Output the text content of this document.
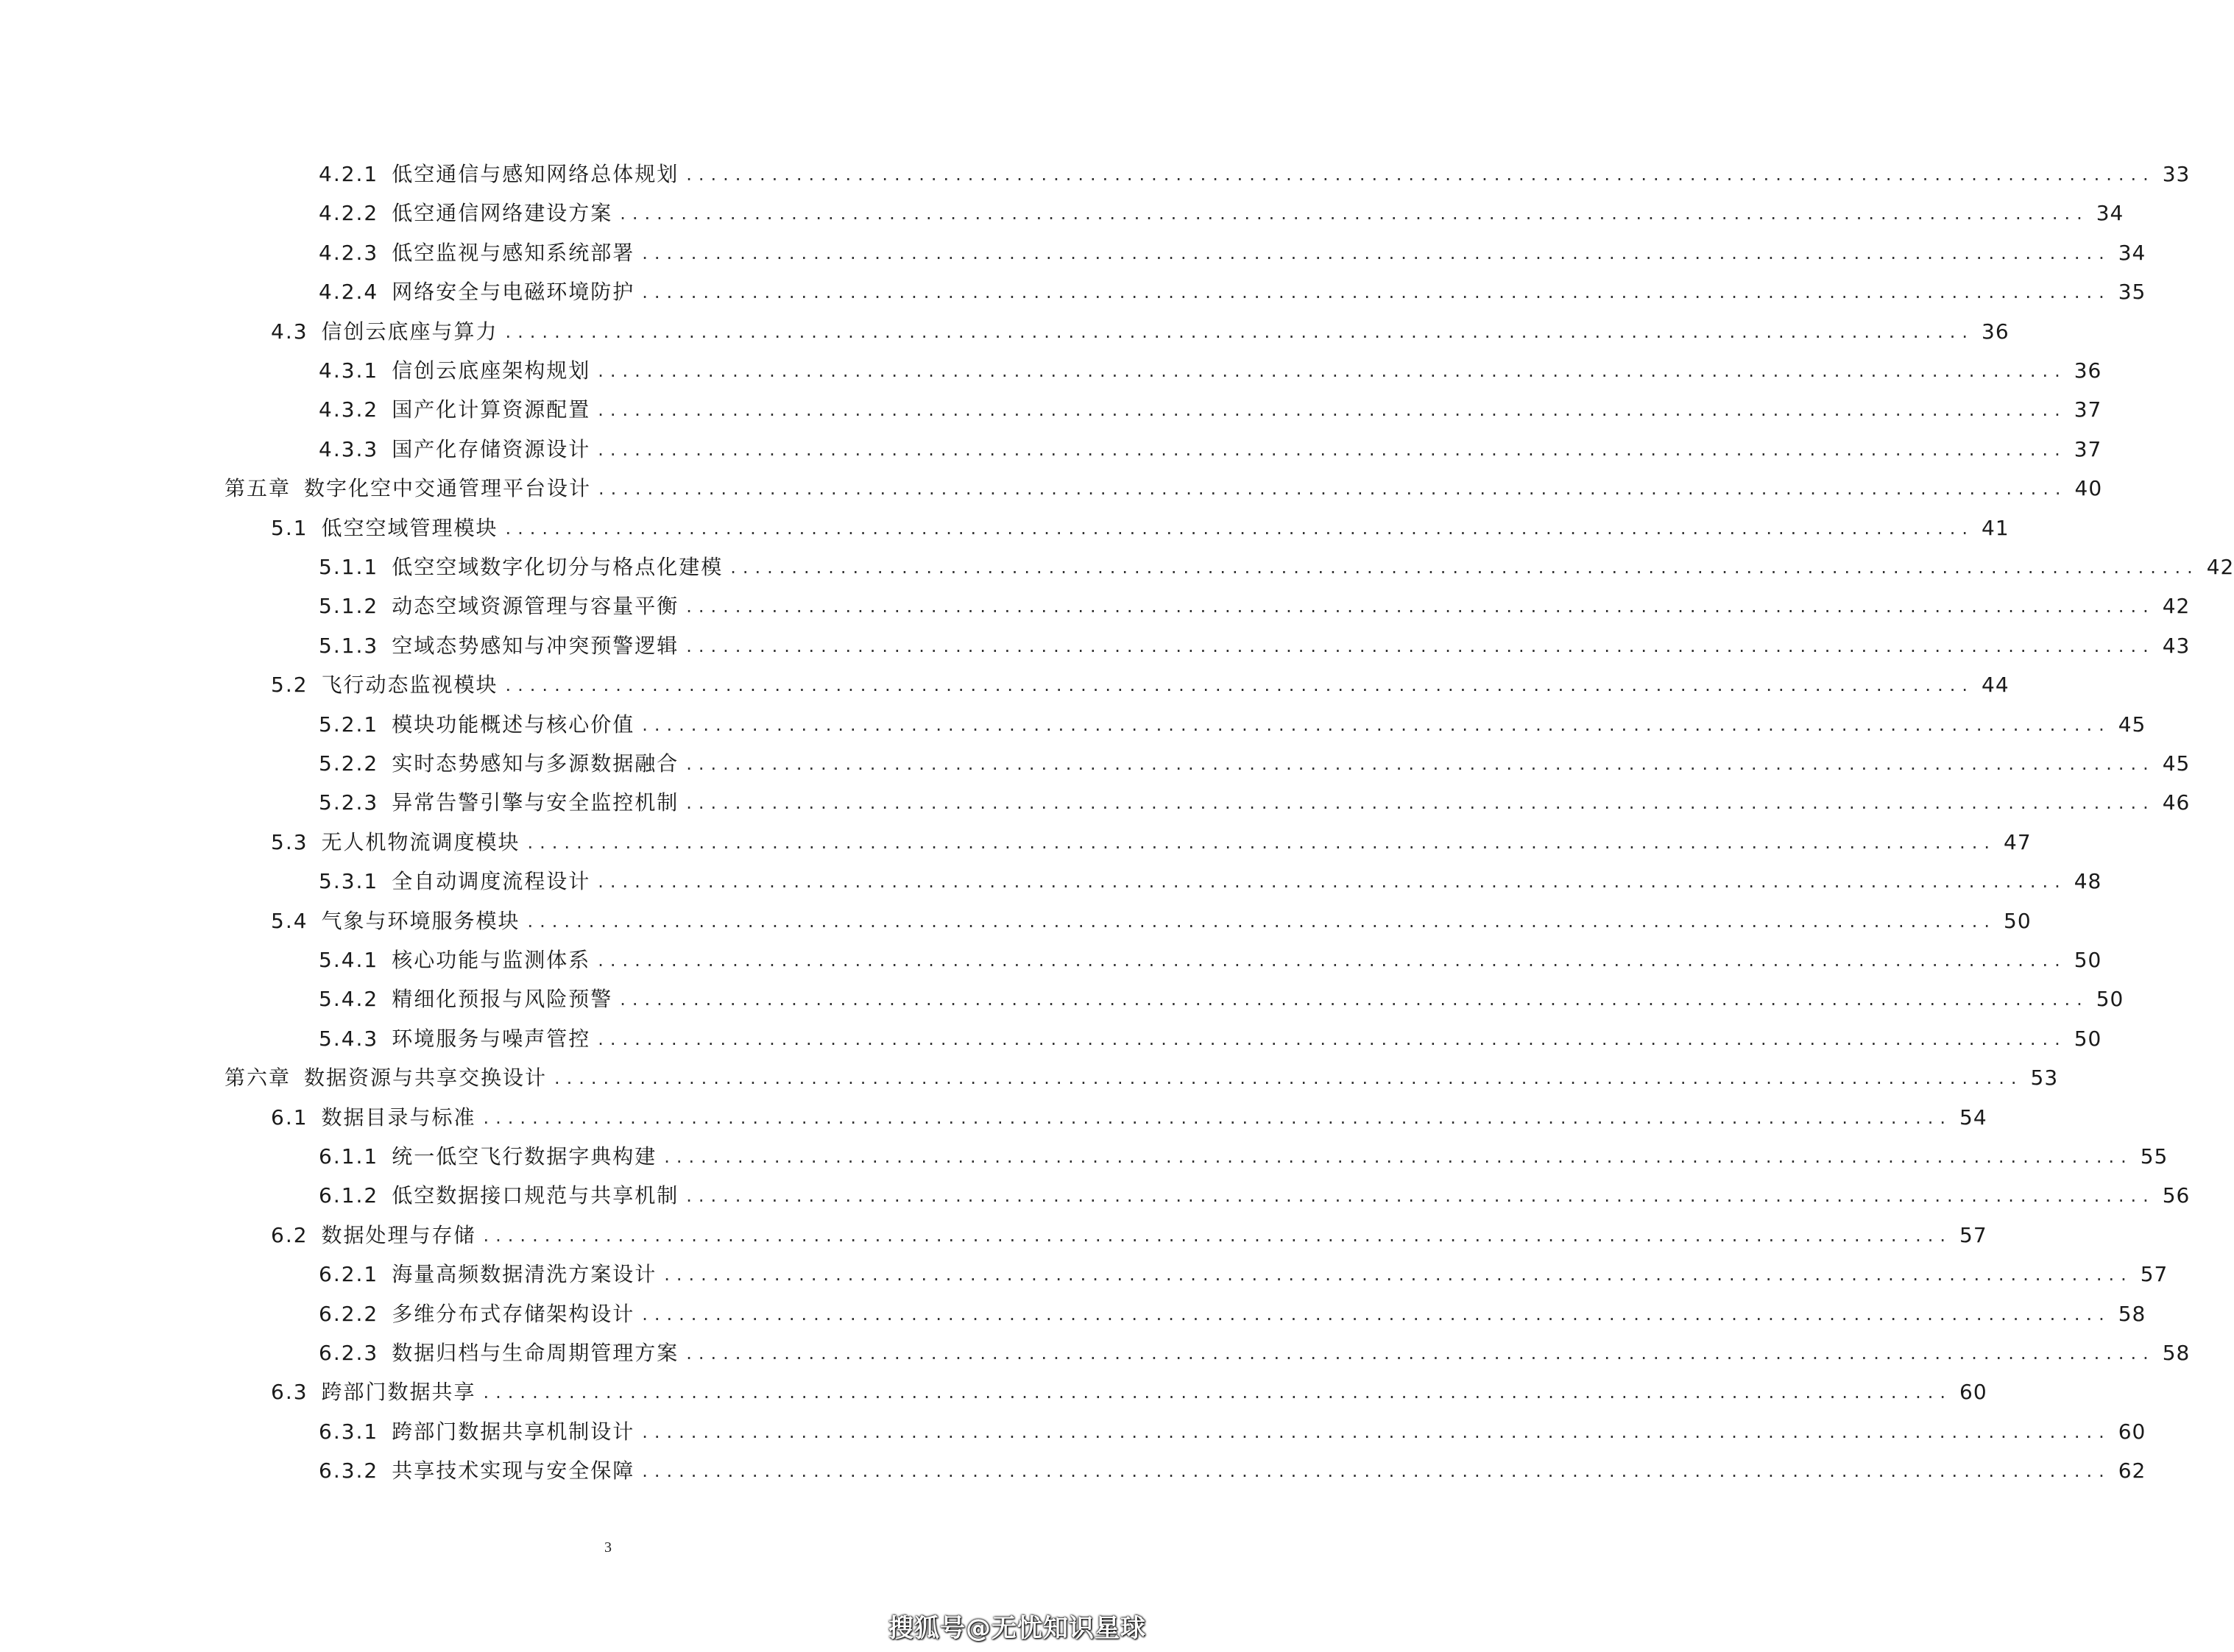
4.2.1 低空通信与感知网络总体规划 ........................................................................................................................ 33
4.2.2 低空通信网络建设方案 ........................................................................................................................ 34
4.2.3 低空监视与感知系统部署 ........................................................................................................................ 34
4.2.4 网络安全与电磁环境防护 ........................................................................................................................ 35
4.3 信创云底座与算力 ........................................................................................................................ 36
4.3.1 信创云底座架构规划 ........................................................................................................................ 36
4.3.2 国产化计算资源配置 ........................................................................................................................ 37
4.3.3 国产化存储资源设计 ........................................................................................................................ 37
第五章 数字化空中交通管理平台设计 ........................................................................................................................ 40
5.1 低空空域管理模块 ........................................................................................................................ 41
5.1.1 低空空域数字化切分与格点化建模 ........................................................................................................................ 42
5.1.2 动态空域资源管理与容量平衡 ........................................................................................................................ 42
5.1.3 空域态势感知与冲突预警逻辑 ........................................................................................................................ 43
5.2 飞行动态监视模块 ........................................................................................................................ 44
5.2.1 模块功能概述与核心价值 ........................................................................................................................ 45
5.2.2 实时态势感知与多源数据融合 ........................................................................................................................ 45
5.2.3 异常告警引擎与安全监控机制 ........................................................................................................................ 46
5.3 无人机物流调度模块 ........................................................................................................................ 47
5.3.1 全自动调度流程设计 ........................................................................................................................ 48
5.4 气象与环境服务模块 ........................................................................................................................ 50
5.4.1 核心功能与监测体系 ........................................................................................................................ 50
5.4.2 精细化预报与风险预警 ........................................................................................................................ 50
5.4.3 环境服务与噪声管控 ........................................................................................................................ 50
第六章 数据资源与共享交换设计 ........................................................................................................................ 53
6.1 数据目录与标准 ........................................................................................................................ 54
6.1.1 统一低空飞行数据字典构建 ........................................................................................................................ 55
6.1.2 低空数据接口规范与共享机制 ........................................................................................................................ 56
6.2 数据处理与存储 ........................................................................................................................ 57
6.2.1 海量高频数据清洗方案设计 ........................................................................................................................ 57
6.2.2 多维分布式存储架构设计 ........................................................................................................................ 58
6.2.3 数据归档与生命周期管理方案 ........................................................................................................................ 58
6.3 跨部门数据共享 ........................................................................................................................ 60
6.3.1 跨部门数据共享机制设计 ........................................................................................................................ 60
6.3.2 共享技术实现与安全保障 ........................................................................................................................ 62
3
搜狐号@无忧知识星球
